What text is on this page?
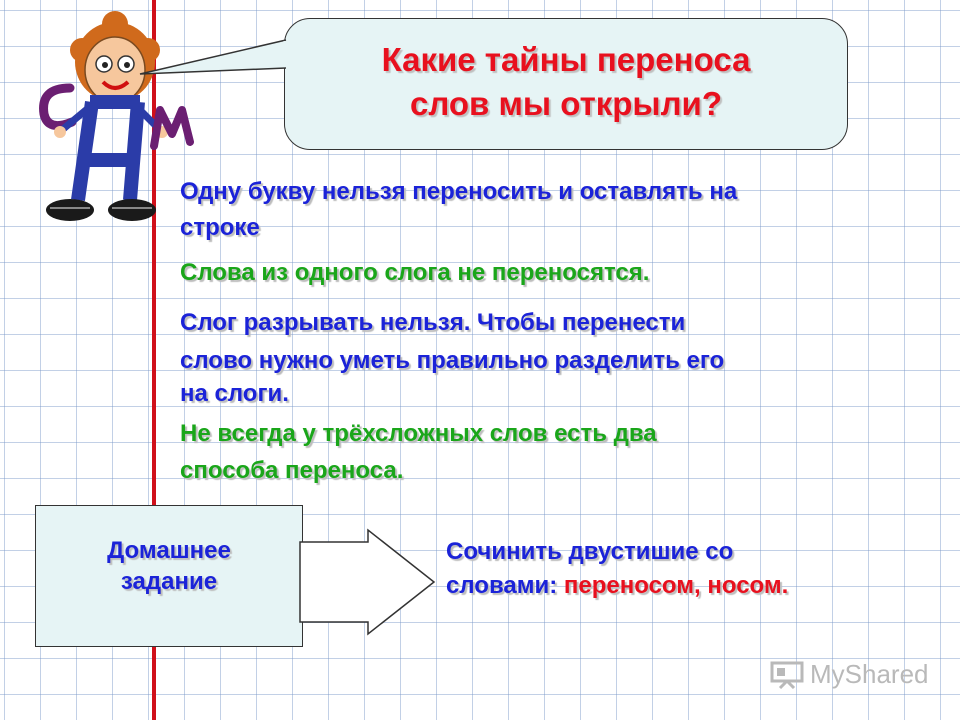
Какие тайны переноса
слов мы открыли?
Одну букву нельзя переносить и оставлять на
строке
Слова из одного слога не переносятся.
Слог разрывать нельзя. Чтобы перенести
слово нужно уметь правильно разделить его
на слоги.
Не всегда у трёхсложных слов есть два
способа переноса.
Домашнее
задание
Сочинить двустишие со
словами: переносом, носом.
MyShared
